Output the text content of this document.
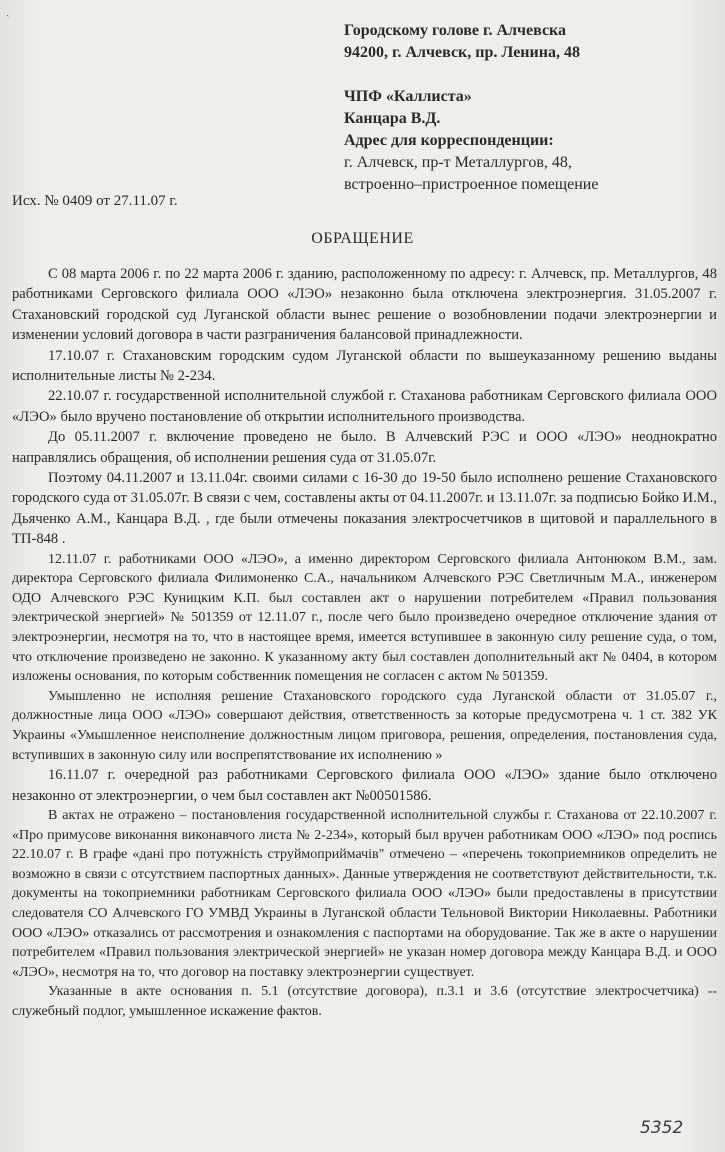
ˎ
Городскому голове г. Алчевска
94200, г. Алчевск, пр. Ленина, 48
ЧПФ «Каллиста»
Канцара В.Д.
Адрес для корреспонденции:
г. Алчевск, пр-т Металлургов, 48,
встроенно–пристроенное помещение
Исх. № 0409 от 27.11.07 г.
ОБРАЩЕНИЕ

С 08 марта 2006 г. по 22 марта 2006 г. зданию, расположенному по адресу: г. Алчевск, пр. Металлургов, 48 работниками Серговского филиала ООО «ЛЭО» незаконно была отключена электроэнергия. 31.05.2007 г. Стахановский городской суд Луганской области вынес решение о возобновлении подачи электроэнергии и изменении условий договора в части разграничения балансовой принадлежности.

17.10.07 г. Стахановским городским судом Луганской области по вышеуказанному решению выданы исполнительные листы № 2-234.

22.10.07 г. государственной исполнительной службой г. Стаханова работникам Серговского филиала ООО «ЛЭО» было вручено постановление об открытии исполнительного производства.

До 05.11.2007 г. включение проведено не было. В Алчевский РЭС и ООО «ЛЭО» неоднократно направлялись обращения, об исполнении решения суда от 31.05.07г.

Поэтому 04.11.2007 и 13.11.04г. своими силами с 16-30 до 19-50 было исполнено решение Стахановского городского суда от 31.05.07г. В связи с чем, составлены акты от 04.11.2007г. и 13.11.07г. за подписью Бойко И.М., Дьяченко А.М., Канцара В.Д. , где были отмечены показания электросчетчиков в щитовой и параллельного в ТП-848 .

12.11.07 г. работниками ООО «ЛЭО», а именно директором Серговского филиала Антонюком В.М., зам. директора Серговского филиала Филимоненко С.А., начальником Алчевского РЭС Светличным М.А., инженером ОДО Алчевского РЭС Куницким К.П. был составлен акт о нарушении потребителем «Правил пользования электрической энергией» № 501359 от 12.11.07 г., после чего было произведено очередное отключение здания от электроэнергии, несмотря на то, что в настоящее время, имеется вступившее в законную силу решение суда, о том, что отключение произведено не законно. К указанному акту был составлен дополнительный акт № 0404, в котором изложены основания, по которым собственник помещения не согласен с актом № 501359.

Умышленно не исполняя решение Стахановского городского суда Луганской области от 31.05.07 г., должностные лица ООО «ЛЭО» совершают действия, ответственность за которые предусмотрена ч. 1 ст. 382 УК Украины «Умышленное неисполнение должностным лицом приговора, решения, определения, постановления суда, вступивших в законную силу или воспрепятствование их исполнению »

16.11.07 г. очередной раз работниками Серговского филиала ООО «ЛЭО» здание было отключено незаконно от электроэнергии, о чем был составлен акт №00501586.

В актах не отражено – постановления государственной исполнительной службы г. Стаханова от 22.10.2007 г. «Про примусове виконання виконавчого листа № 2-234», который был вручен работникам ООО «ЛЭО» под роспись 22.10.07 г. В графе «дані про потужність струймоприймачів" отмечено – «перечень токоприемников определить не возможно в связи с отсутствием паспортных данных». Данные утверждения не соответствуют действительности, т.к. документы на токоприемники работникам Серговского филиала ООО «ЛЭО» были предоставлены в присутствии следователя СО Алчевского ГО УМВД Украины в Луганской области Тельновой Виктории Николаевны. Работники ООО «ЛЭО» отказались от рассмотрения и ознакомления с паспортами на оборудование. Так же в акте о нарушении потребителем «Правил пользования электрической энергией» не указан номер договора между Канцара В.Д. и ООО «ЛЭО», несмотря на то, что договор на поставку электроэнергии существует.

Указанные в акте основания п. 5.1 (отсутствие договора), п.3.1 и 3.6 (отсутствие электросчетчика) -- служебный подлог, умышленное искажение фактов.

5352
